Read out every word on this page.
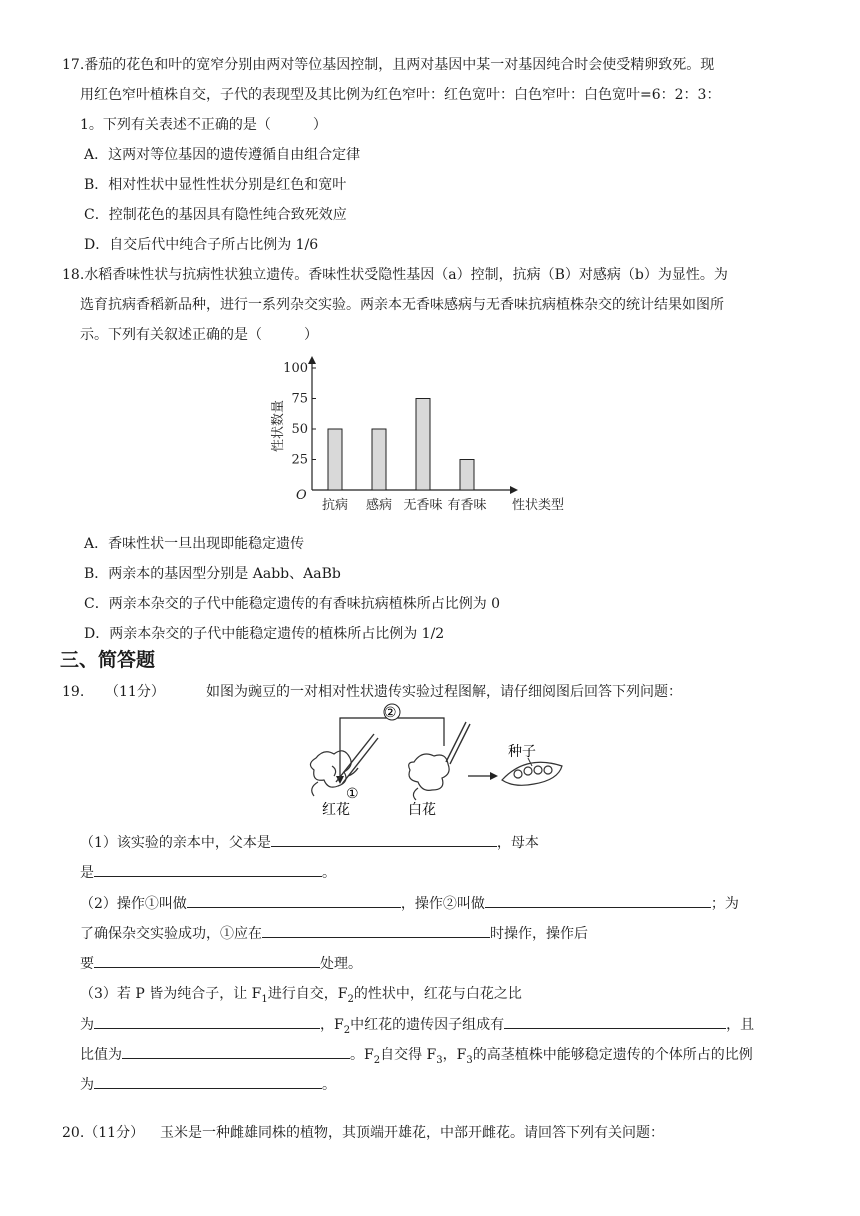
17.番茄的花色和叶的宽窄分别由两对等位基因控制，且两对基因中某一对基因纯合时会使受精卵致死。现
用红色窄叶植株自交，子代的表现型及其比例为红色窄叶：红色宽叶：白色窄叶：白色宽叶=6：2：3：
1。下列有关表述不正确的是（　　　）
A．这两对等位基因的遗传遵循自由组合定律
B．相对性状中显性性状分别是红色和宽叶
C．控制花色的基因具有隐性纯合致死效应
D．自交后代中纯合子所占比例为 1/6
18.水稻香味性状与抗病性状独立遗传。香味性状受隐性基因（a）控制，抗病（B）对感病（b）为显性。为
选育抗病香稻新品种，进行一系列杂交实验。两亲本无香味感病与无香味抗病植株杂交的统计结果如图所
示。下列有关叙述正确的是（　　　）
O
性状数量
25
50
75
100
抗病 感病 无香味 有香味 性状类型
A．香味性状一旦出现即能稳定遗传
B．两亲本的基因型分别是 Aabb、AaBb
C．两亲本杂交的子代中能稳定遗传的有香味抗病植株所占比例为 0
D．两亲本杂交的子代中能稳定遗传的植株所占比例为 1/2
三、简答题
19. （11分）	如图为豌豆的一对相对性状遗传实验过程图解，请仔细阅图后回答下列问题：
②
①
种子
红花	白花
（1）该实验的亲本中，父本是	，母本
是	。
（2）操作①叫做	，操作②叫做	；为
了确保杂交实验成功，①应在	时操作，操作后
要	处理。
（3）若 P 皆为纯合子，让 $F_1$进行自交，$F_2$的性状中，红花与白花之比
为	，$F_2$中红花的遗传因子组成有	，且
比值为	。$F_2$自交得 $F_3$，$F_3$的高茎植株中能够稳定遗传的个体所占的比例
为	。
20.（11分） 玉米是一种雌雄同株的植物，其顶端开雄花，中部开雌花。请回答下列有关问题：
